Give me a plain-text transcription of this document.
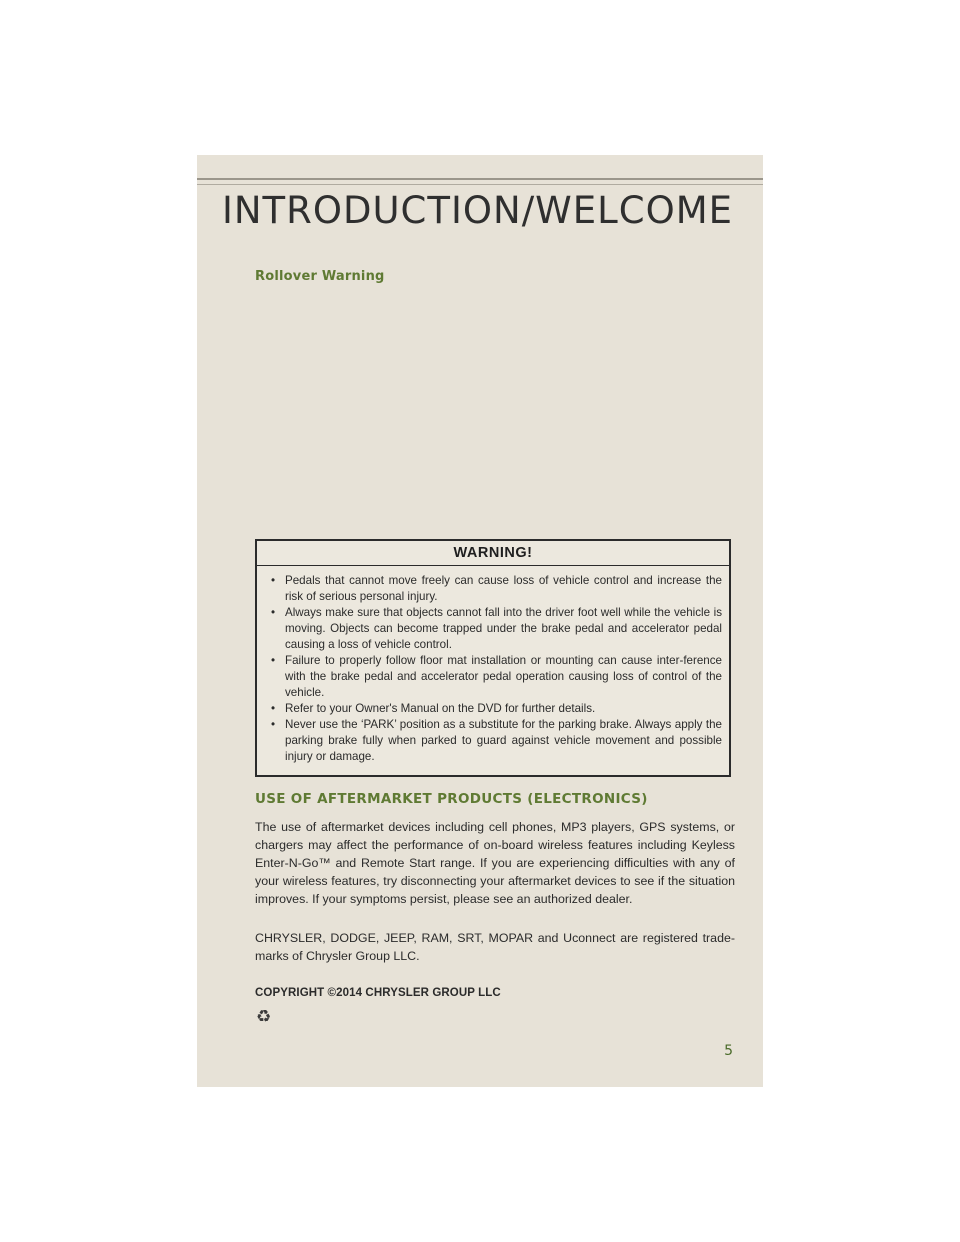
INTRODUCTION/WELCOME
Rollover Warning
WARNING!
• Pedals that cannot move freely can cause loss of vehicle control and increase the risk of serious personal injury.
• Always make sure that objects cannot fall into the driver foot well while the vehicle is moving. Objects can become trapped under the brake pedal and accelerator pedal causing a loss of vehicle control.
• Failure to properly follow floor mat installation or mounting can cause inter-ference with the brake pedal and accelerator pedal operation causing loss of control of the vehicle.
• Refer to your Owner's Manual on the DVD for further details.
• Never use the ‘PARK’ position as a substitute for the parking brake. Always apply the parking brake fully when parked to guard against vehicle movement and possible injury or damage.
USE OF AFTERMARKET PRODUCTS (ELECTRONICS)

The use of aftermarket devices including cell phones, MP3 players, GPS systems, or chargers may affect the performance of on-board wireless features including Keyless Enter-N-Go™ and Remote Start range. If you are experiencing difficulties with any of your wireless features, try disconnecting your aftermarket devices to see if the situation improves. If your symptoms persist, please see an authorized dealer.

CHRYSLER, DODGE, JEEP, RAM, SRT, MOPAR and Uconnect are registered trade-marks of Chrysler Group LLC.

COPYRIGHT ©2014 CHRYSLER GROUP LLC
♻
5
